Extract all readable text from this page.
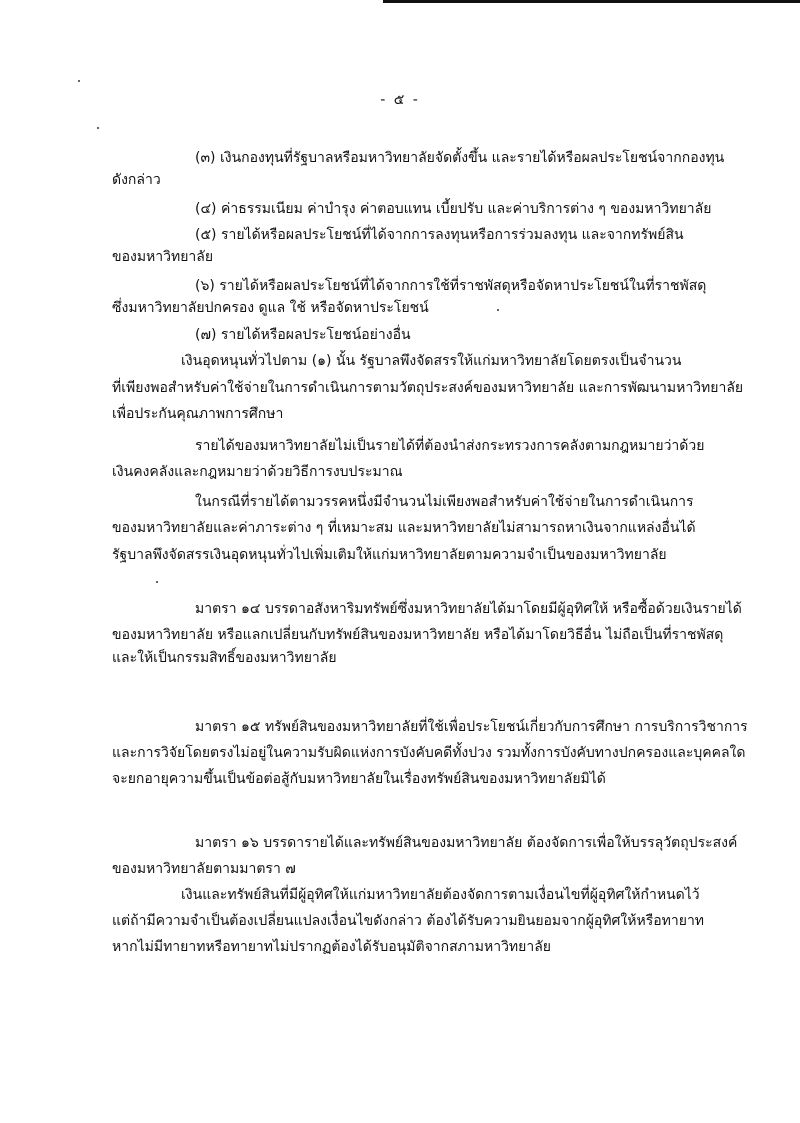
- ๕ -
(๓) เงินกองทุนที่รัฐบาลหรือมหาวิทยาลัยจัดตั้งขึ้น และรายได้หรือผลประโยชน์จากกองทุน
ดังกล่าว
(๔) ค่าธรรมเนียม ค่าบำรุง ค่าตอบแทน เบี้ยปรับ และค่าบริการต่าง ๆ ของมหาวิทยาลัย
(๕) รายได้หรือผลประโยชน์ที่ได้จากการลงทุนหรือการร่วมลงทุน และจากทรัพย์สิน
ของมหาวิทยาลัย
(๖) รายได้หรือผลประโยชน์ที่ได้จากการใช้ที่ราชพัสดุหรือจัดหาประโยชน์ในที่ราชพัสดุ
ซึ่งมหาวิทยาลัยปกครอง ดูแล ใช้ หรือจัดหาประโยชน์
(๗) รายได้หรือผลประโยชน์อย่างอื่น
เงินอุดหนุนทั่วไปตาม (๑) นั้น รัฐบาลพึงจัดสรรให้แก่มหาวิทยาลัยโดยตรงเป็นจำนวน
ที่เพียงพอสำหรับค่าใช้จ่ายในการดำเนินการตามวัตถุประสงค์ของมหาวิทยาลัย และการพัฒนามหาวิทยาลัย
เพื่อประกันคุณภาพการศึกษา
รายได้ของมหาวิทยาลัยไม่เป็นรายได้ที่ต้องนำส่งกระทรวงการคลังตามกฎหมายว่าด้วย
เงินคงคลังและกฎหมายว่าด้วยวิธีการงบประมาณ
ในกรณีที่รายได้ตามวรรคหนึ่งมีจำนวนไม่เพียงพอสำหรับค่าใช้จ่ายในการดำเนินการ
ของมหาวิทยาลัยและค่าภาระต่าง ๆ ที่เหมาะสม และมหาวิทยาลัยไม่สามารถหาเงินจากแหล่งอื่นได้
รัฐบาลพึงจัดสรรเงินอุดหนุนทั่วไปเพิ่มเติมให้แก่มหาวิทยาลัยตามความจำเป็นของมหาวิทยาลัย
มาตรา ๑๔ บรรดาอสังหาริมทรัพย์ซึ่งมหาวิทยาลัยได้มาโดยมีผู้อุทิศให้ หรือซื้อด้วยเงินรายได้
ของมหาวิทยาลัย หรือแลกเปลี่ยนกับทรัพย์สินของมหาวิทยาลัย หรือได้มาโดยวิธีอื่น ไม่ถือเป็นที่ราชพัสดุ
และให้เป็นกรรมสิทธิ์ของมหาวิทยาลัย
มาตรา ๑๕ ทรัพย์สินของมหาวิทยาลัยที่ใช้เพื่อประโยชน์เกี่ยวกับการศึกษา การบริการวิชาการ
และการวิจัยโดยตรงไม่อยู่ในความรับผิดแห่งการบังคับคดีทั้งปวง รวมทั้งการบังคับทางปกครองและบุคคลใด
จะยกอายุความขึ้นเป็นข้อต่อสู้กับมหาวิทยาลัยในเรื่องทรัพย์สินของมหาวิทยาลัยมิได้
มาตรา ๑๖ บรรดารายได้และทรัพย์สินของมหาวิทยาลัย ต้องจัดการเพื่อให้บรรลุวัตถุประสงค์
ของมหาวิทยาลัยตามมาตรา ๗
เงินและทรัพย์สินที่มีผู้อุทิศให้แก่มหาวิทยาลัยต้องจัดการตามเงื่อนไขที่ผู้อุทิศให้กำหนดไว้
แต่ถ้ามีความจำเป็นต้องเปลี่ยนแปลงเงื่อนไขดังกล่าว ต้องได้รับความยินยอมจากผู้อุทิศให้หรือทายาท
หากไม่มีทายาทหรือทายาทไม่ปรากฏต้องได้รับอนุมัติจากสภามหาวิทยาลัย
